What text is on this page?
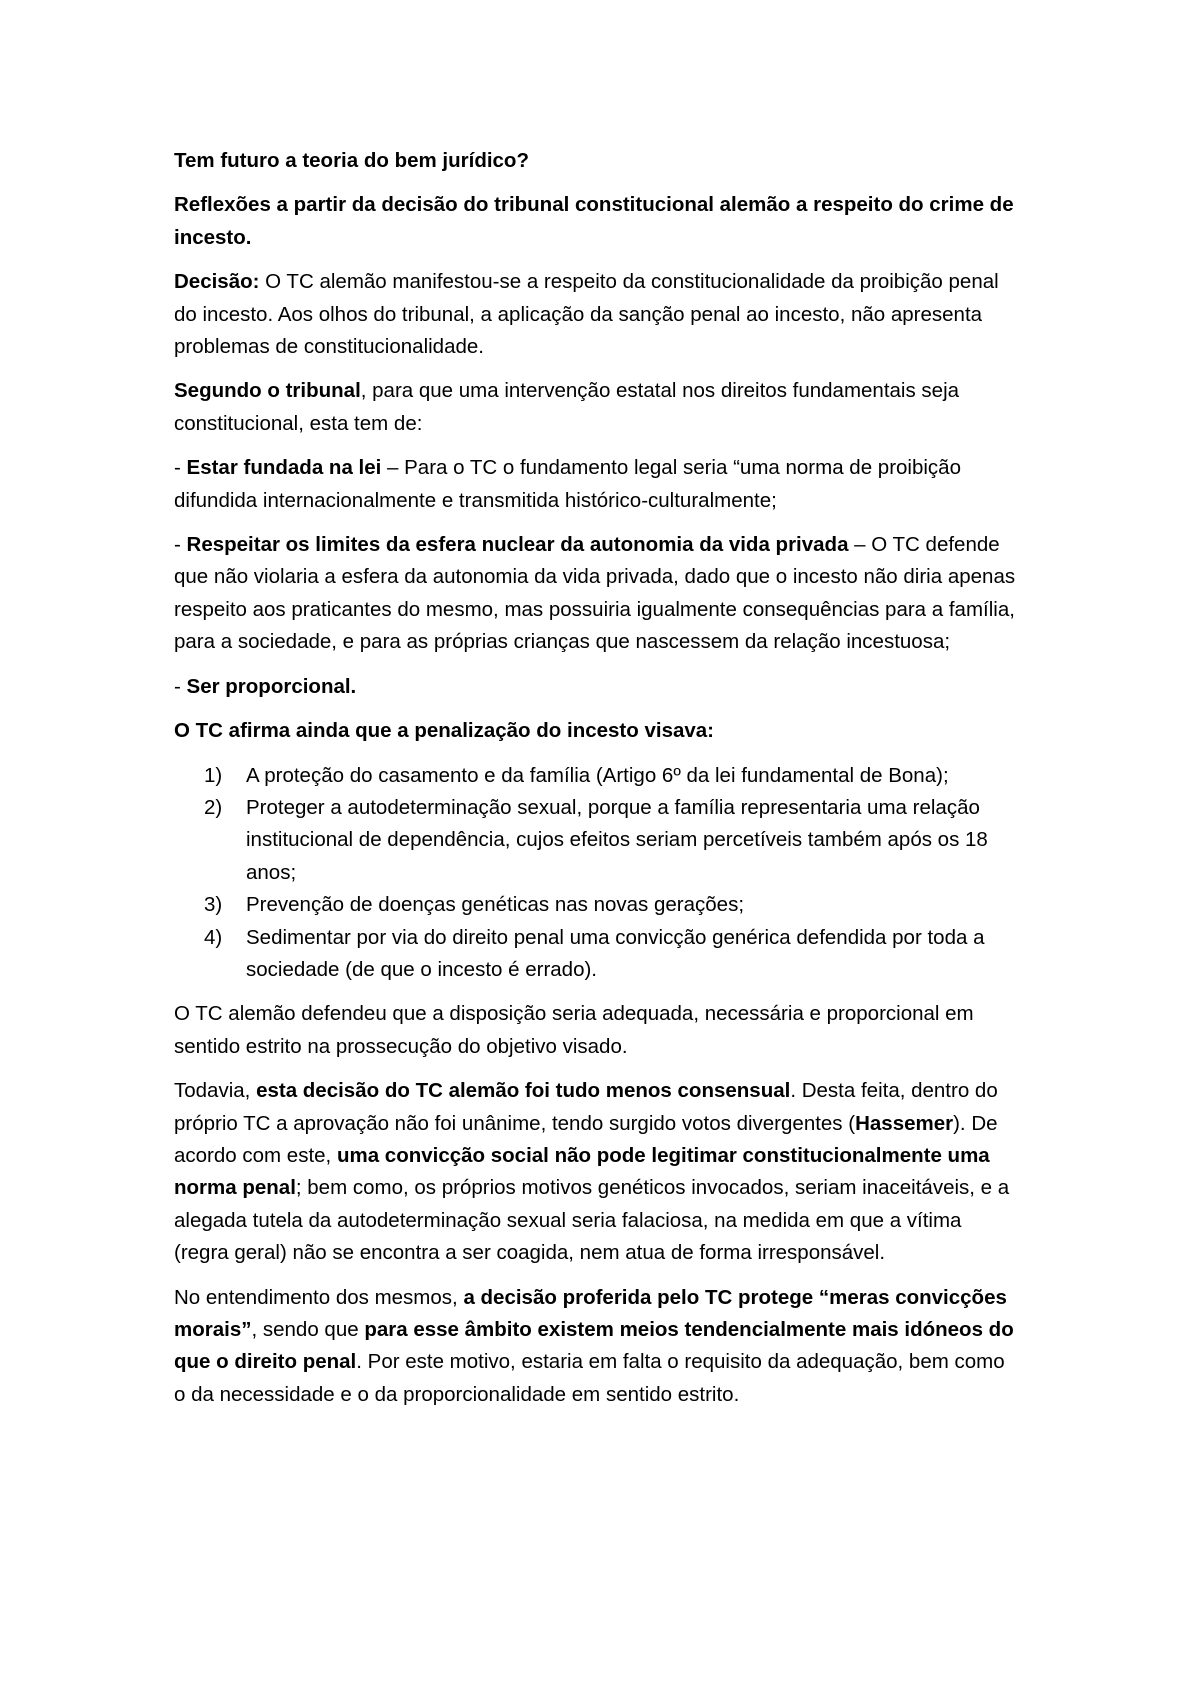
Tem futuro a teoria do bem jurídico?

Reflexões a partir da decisão do tribunal constitucional alemão a respeito do crime de incesto.

Decisão: O TC alemão manifestou-se a respeito da constitucionalidade da proibição penal do incesto. Aos olhos do tribunal, a aplicação da sanção penal ao incesto, não apresenta problemas de constitucionalidade.

Segundo o tribunal, para que uma intervenção estatal nos direitos fundamentais seja constitucional, esta tem de:

- Estar fundada na lei – Para o TC o fundamento legal seria “uma norma de proibição difundida internacionalmente e transmitida histórico-culturalmente;

- Respeitar os limites da esfera nuclear da autonomia da vida privada – O TC defende que não violaria a esfera da autonomia da vida privada, dado que o incesto não diria apenas respeito aos praticantes do mesmo, mas possuiria igualmente consequências para a família, para a sociedade, e para as próprias crianças que nascessem da relação incestuosa;

- Ser proporcional.

O TC afirma ainda que a penalização do incesto visava:

1) A proteção do casamento e da família (Artigo 6º da lei fundamental de Bona);
2) Proteger a autodeterminação sexual, porque a família representaria uma relação institucional de dependência, cujos efeitos seriam percetíveis também após os 18 anos;
3) Prevenção de doenças genéticas nas novas gerações;
4) Sedimentar por via do direito penal uma convicção genérica defendida por toda a sociedade (de que o incesto é errado).

O TC alemão defendeu que a disposição seria adequada, necessária e proporcional em sentido estrito na prossecução do objetivo visado.

Todavia, esta decisão do TC alemão foi tudo menos consensual. Desta feita, dentro do próprio TC a aprovação não foi unânime, tendo surgido votos divergentes (Hassemer). De acordo com este, uma convicção social não pode legitimar constitucionalmente uma norma penal; bem como, os próprios motivos genéticos invocados, seriam inaceitáveis, e a alegada tutela da autodeterminação sexual seria falaciosa, na medida em que a vítima (regra geral) não se encontra a ser coagida, nem atua de forma irresponsável.

No entendimento dos mesmos, a decisão proferida pelo TC protege “meras convicções morais”, sendo que para esse âmbito existem meios tendencialmente mais idóneos do que o direito penal. Por este motivo, estaria em falta o requisito da adequação, bem como o da necessidade e o da proporcionalidade em sentido estrito.
